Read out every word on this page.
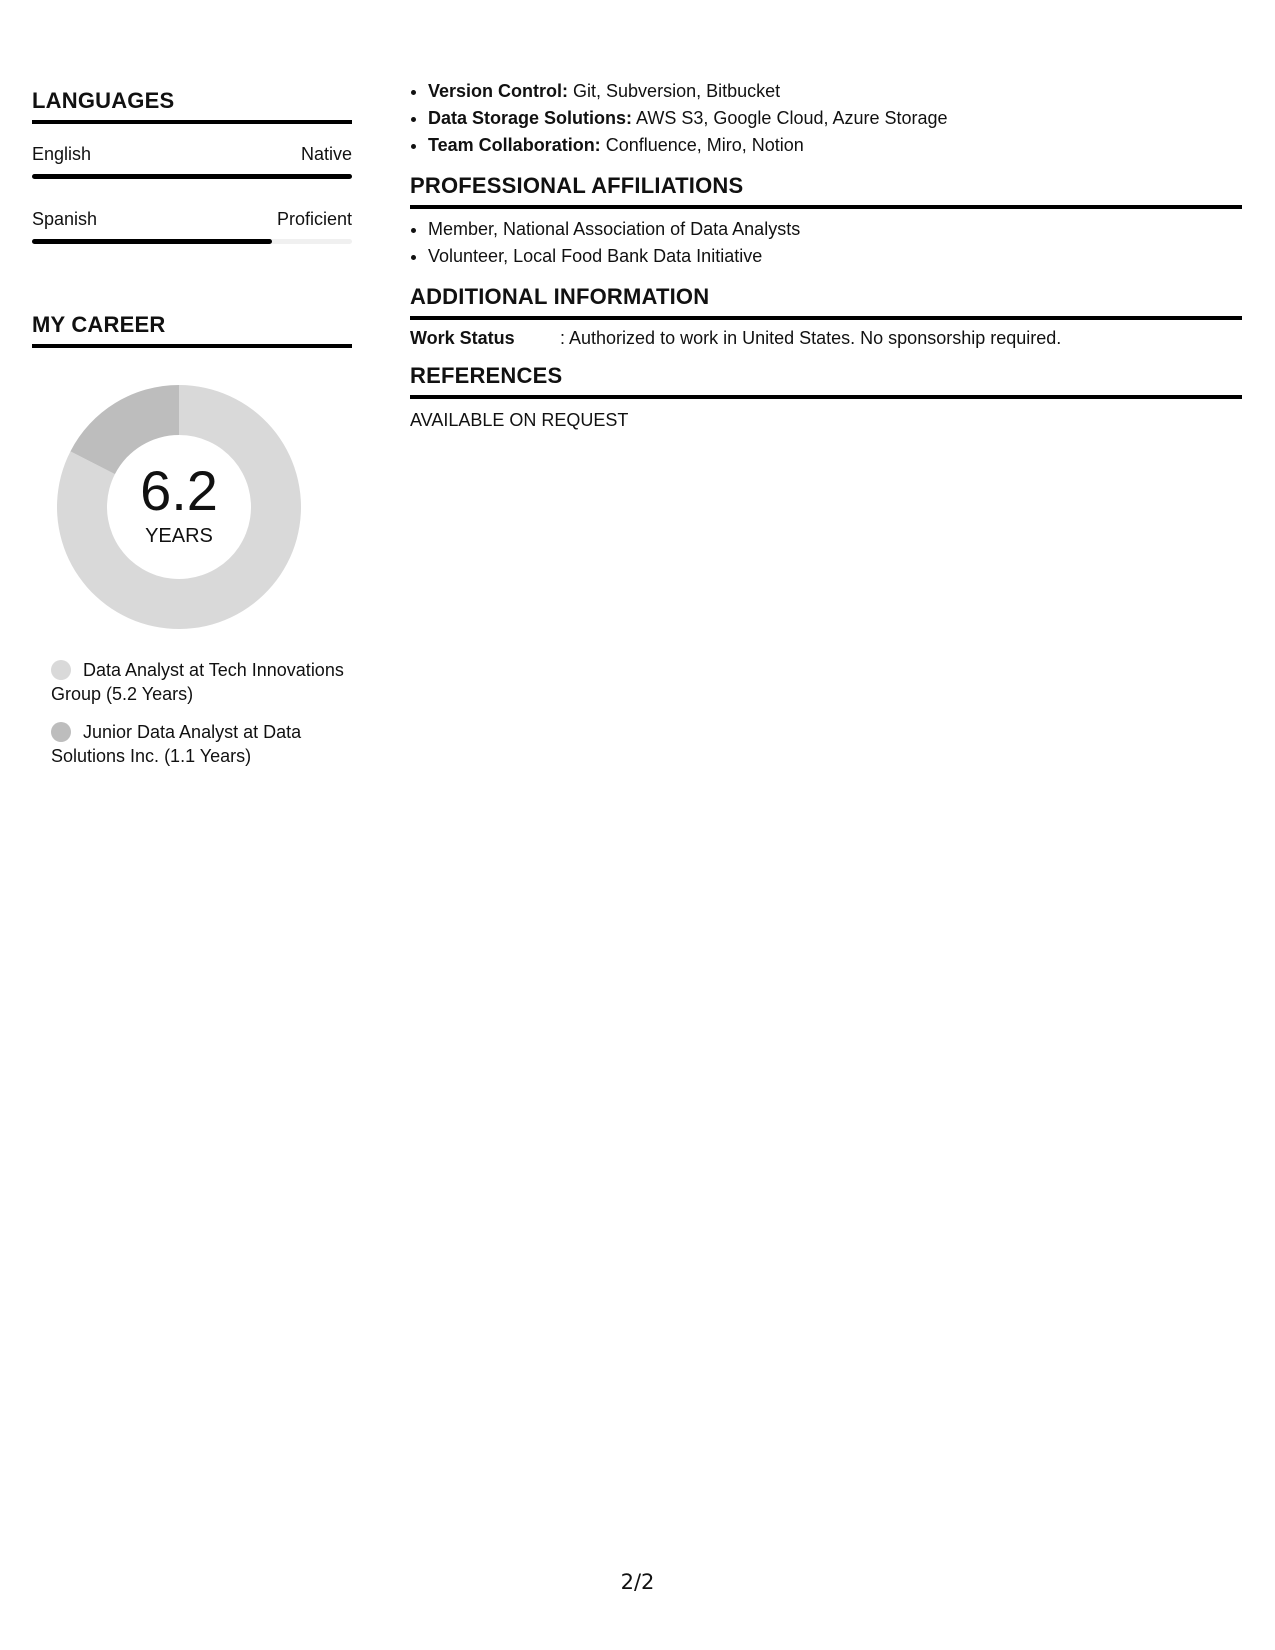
LANGUAGES
English	Native
Spanish	Proficient
MY CAREER
6.2
YEARS
Data Analyst at Tech Innovations Group (5.2 Years)
Junior Data Analyst at Data Solutions Inc. (1.1 Years)
• Version Control: Git, Subversion, Bitbucket
• Data Storage Solutions: AWS S3, Google Cloud, Azure Storage
• Team Collaboration: Confluence, Miro, Notion
PROFESSIONAL AFFILIATIONS
• Member, National Association of Data Analysts
• Volunteer, Local Food Bank Data Initiative
ADDITIONAL INFORMATION
Work Status	: Authorized to work in United States. No sponsorship required.
REFERENCES
AVAILABLE ON REQUEST
2/2
